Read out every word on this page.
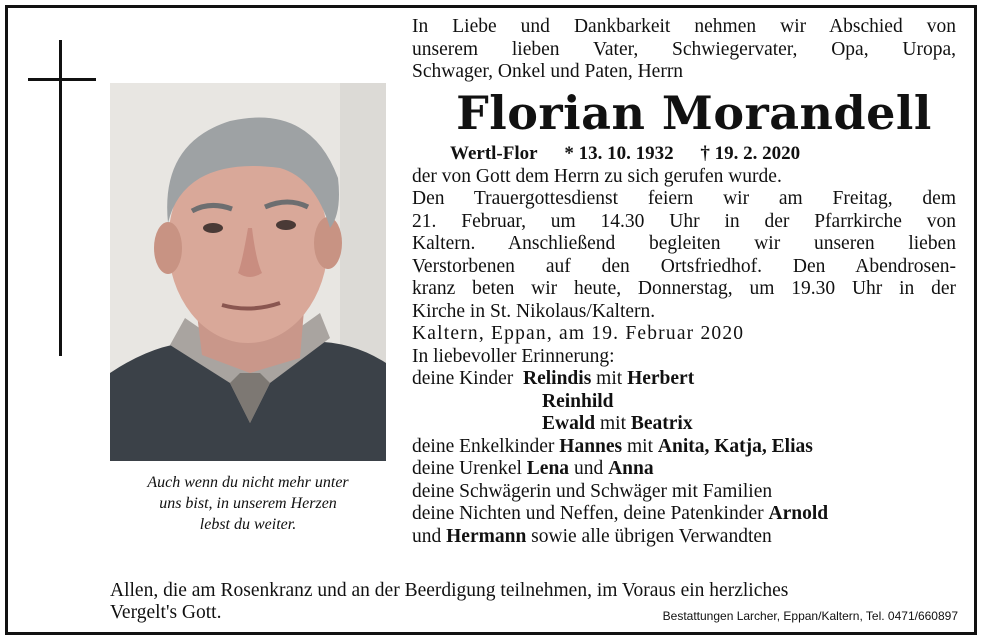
Auch wenn du nicht mehr unter
uns bist, in unserem Herzen
lebst du weiter.
In Liebe und Dankbarkeit nehmen wir Abschied von
unserem lieben Vater, Schwiegervater, Opa, Uropa,
Schwager, Onkel und Paten, Herrn
Florian Morandell
Wertl-Flor * 13. 10. 1932 † 19. 2. 2020
der von Gott dem Herrn zu sich gerufen wurde.
Den Trauergottesdienst feiern wir am Freitag, dem
21. Februar, um 14.30 Uhr in der Pfarrkirche von
Kaltern. Anschließend begleiten wir unseren lieben
Verstorbenen auf den Ortsfriedhof. Den Abendrosen-
kranz beten wir heute, Donnerstag, um 19.30 Uhr in der
Kirche in St. Nikolaus/Kaltern.
Kaltern, Eppan, am 19. Februar 2020
In liebevoller Erinnerung:
deine Kinder Relindis mit Herbert
Reinhild
Ewald mit Beatrix
deine Enkelkinder Hannes mit Anita, Katja, Elias
deine Urenkel Lena und Anna
deine Schwägerin und Schwäger mit Familien
deine Nichten und Neffen, deine Patenkinder Arnold
und Hermann sowie alle übrigen Verwandten
Allen, die am Rosenkranz und an der Beerdigung teilnehmen, im Voraus ein herzliches
Vergelt's Gott.	Bestattungen Larcher, Eppan/Kaltern, Tel. 0471/660897
